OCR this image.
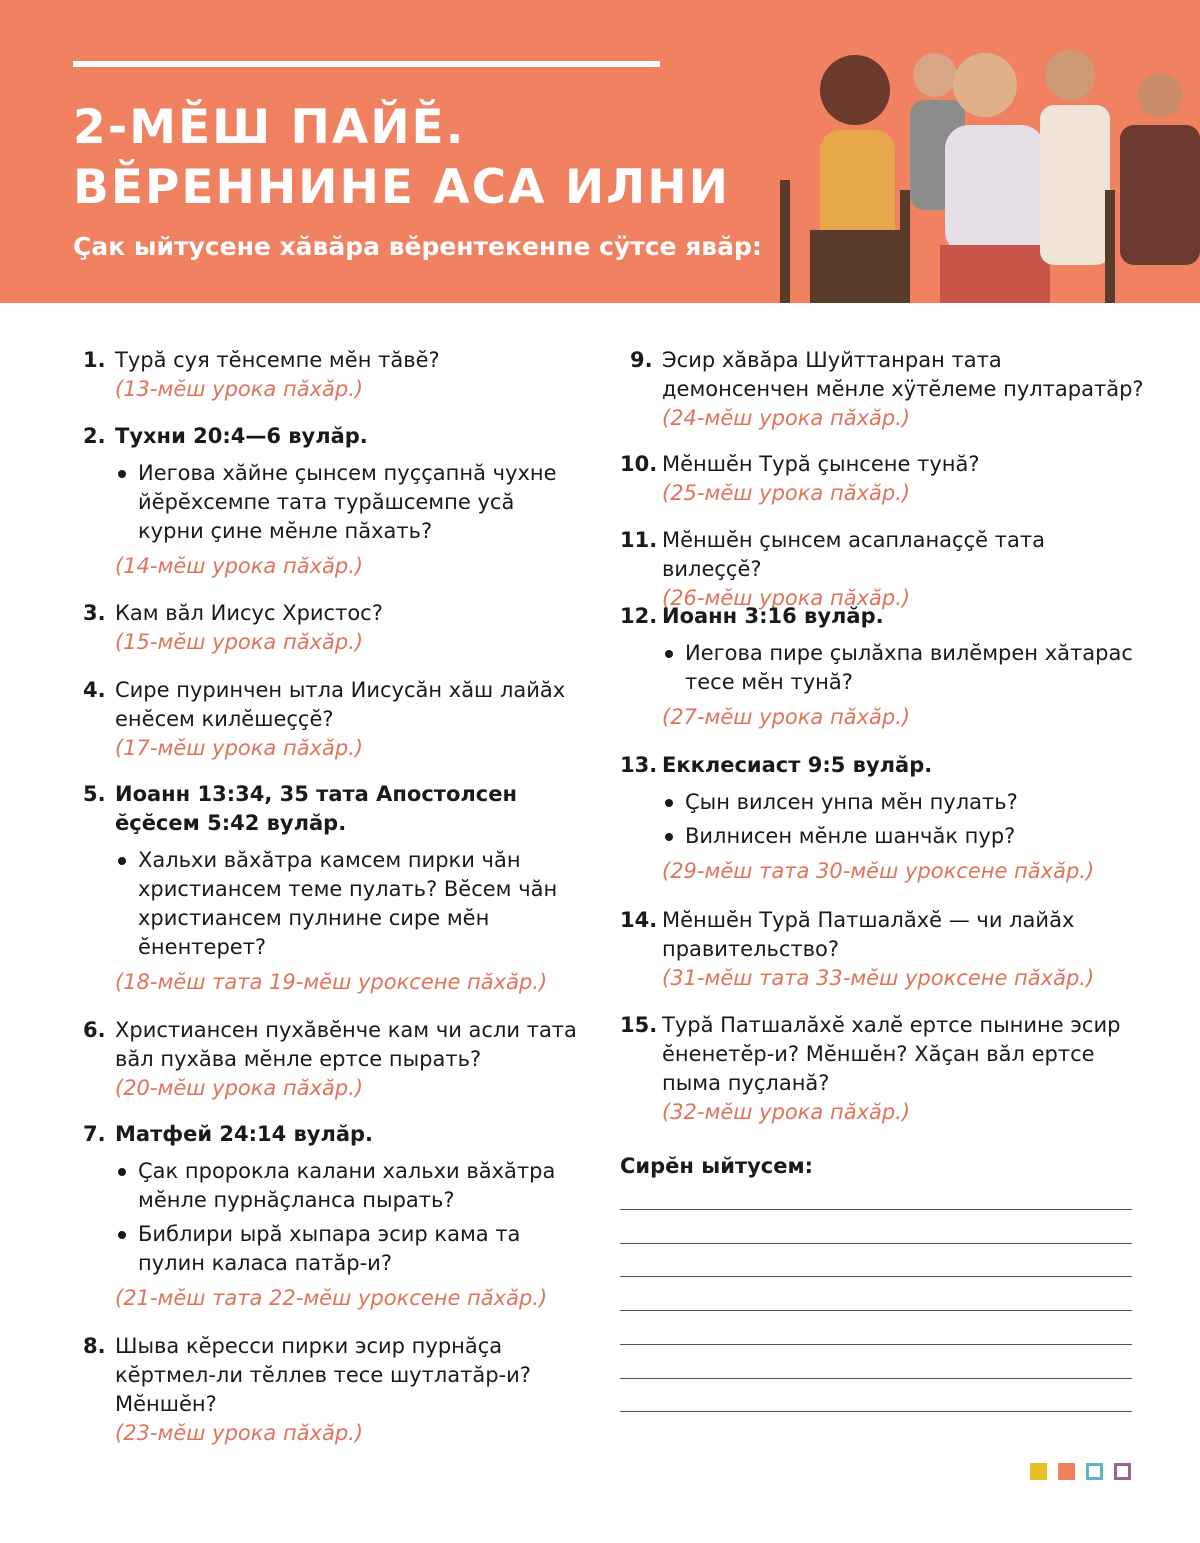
2-МĔШ ПАЙĔ.
ВĔРЕННИНЕ АСА ИЛНИ
Çак ыйтусене хăвăра вĕрентекенпе сÿтсе явăр:
1. Турă суя тĕнсемпе мĕн тăвĕ?
(13-мĕш урока пăхăр.)
2. Тухни 20:4—6 вулăр.
Иегова хăйне çынсем пуççапнă чухне йĕрĕхсемпе тата турăшсемпе усă курни çине мĕнле пăхать?
(14-мĕш урока пăхăр.)
3. Кам вăл Иисус Христос?
(15-мĕш урока пăхăр.)
4. Сире пуринчен ытла Иисусăн хăш лайăх енĕсем килĕшеççĕ?
(17-мĕш урока пăхăр.)
5. Иоанн 13:34, 35 тата Апостолсен ĕçĕсем 5:42 вулăр.
Хальхи вăхăтра камсем пирки чăн христиансем теме пулать? Вĕсем чăн христиансем пулнине сире мĕн ĕнентерет?
(18-мĕш тата 19-мĕш уроксене пăхăр.)
6. Христиансен пухăвĕнче кам чи асли тата вăл пухăва мĕнле ертсе пырать?
(20-мĕш урока пăхăр.)
7. Матфей 24:14 вулăр.
Çак пророкла калани хальхи вăхăтра мĕнле пурнăçланса пырать?
Библири ырă хыпара эсир кама та пулин каласа патăр-и?
(21-мĕш тата 22-мĕш уроксене пăхăр.)
8. Шыва кĕресси пирки эсир пурнăçа кĕртмел-ли тĕллев тесе шутлатăр-и? Мĕншĕн?
(23-мĕш урока пăхăр.)
9. Эсир хăвăра Шуйттанран тата демонсенчен мĕнле хÿтĕлеме пултаратăр?
(24-мĕш урока пăхăр.)
10. Мĕншĕн Турă çынсене тунă?
(25-мĕш урока пăхăр.)
11. Мĕншĕн çынсем асапланаççĕ тата вилеççĕ?
(26-мĕш урока пăхăр.)
12. Иоанн 3:16 вулăр.
Иегова пире çылăхпа вилĕмрен хăтарас тесе мĕн тунă?
(27-мĕш урока пăхăр.)
13. Екклесиаст 9:5 вулăр.
Çын вилсен унпа мĕн пулать?
Вилнисен мĕнле шанчăк пур?
(29-мĕш тата 30-мĕш уроксене пăхăр.)
14. Мĕншĕн Турă Патшалăхĕ — чи лайăх правительство?
(31-мĕш тата 33-мĕш уроксене пăхăр.)
15. Турă Патшалăхĕ халĕ ертсе пынине эсир ĕненетĕр-и? Мĕншĕн? Хăçан вăл ертсе пыма пуçланă?
(32-мĕш урока пăхăр.)
Сирĕн ыйтусем:
